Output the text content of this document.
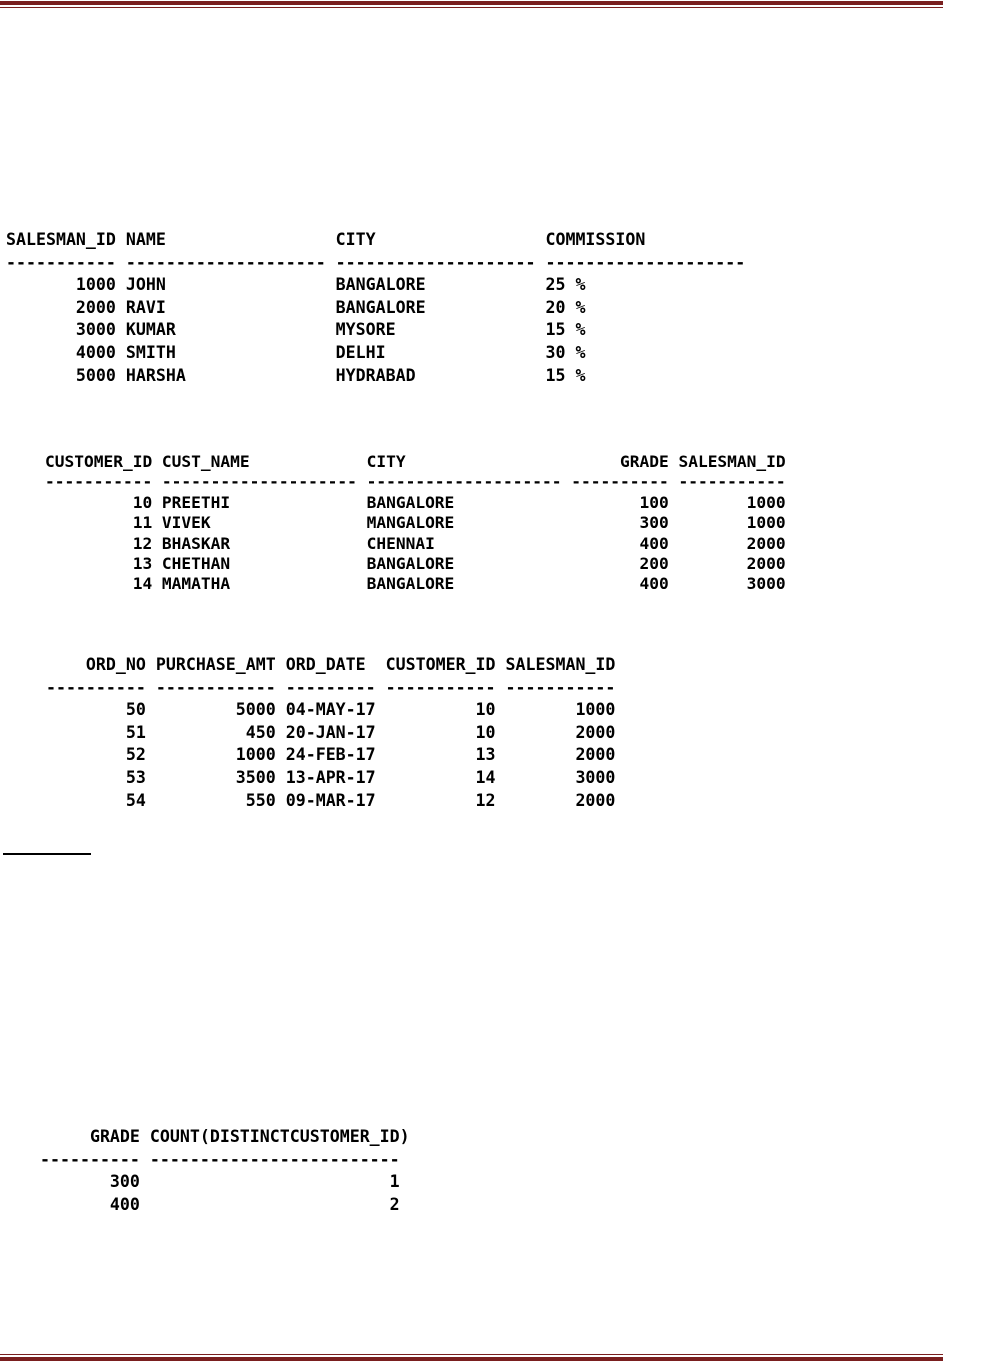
SALESMAN_ID NAME                 CITY                 COMMISSION
----------- -------------------- -------------------- --------------------
1000 JOHN                 BANGALORE            25 %
2000 RAVI                 BANGALORE            20 %
3000 KUMAR                MYSORE               15 %
4000 SMITH                DELHI                30 %
5000 HARSHA               HYDRABAD             15 %
CUSTOMER_ID CUST_NAME            CITY                      GRADE SALESMAN_ID
----------- -------------------- -------------------- ---------- -----------
10 PREETHI              BANGALORE                   100        1000
11 VIVEK                MANGALORE                   300        1000
12 BHASKAR              CHENNAI                     400        2000
13 CHETHAN              BANGALORE                   200        2000
14 MAMATHA              BANGALORE                   400        3000
ORD_NO PURCHASE_AMT ORD_DATE  CUSTOMER_ID SALESMAN_ID
---------- ------------ --------- ----------- -----------
50         5000 04-MAY-17          10        1000
51          450 20-JAN-17          10        2000
52         1000 24-FEB-17          13        2000
53         3500 13-APR-17          14        3000
54          550 09-MAR-17          12        2000
GRADE COUNT(DISTINCTCUSTOMER_ID)
---------- -------------------------
300                         1
400                         2
